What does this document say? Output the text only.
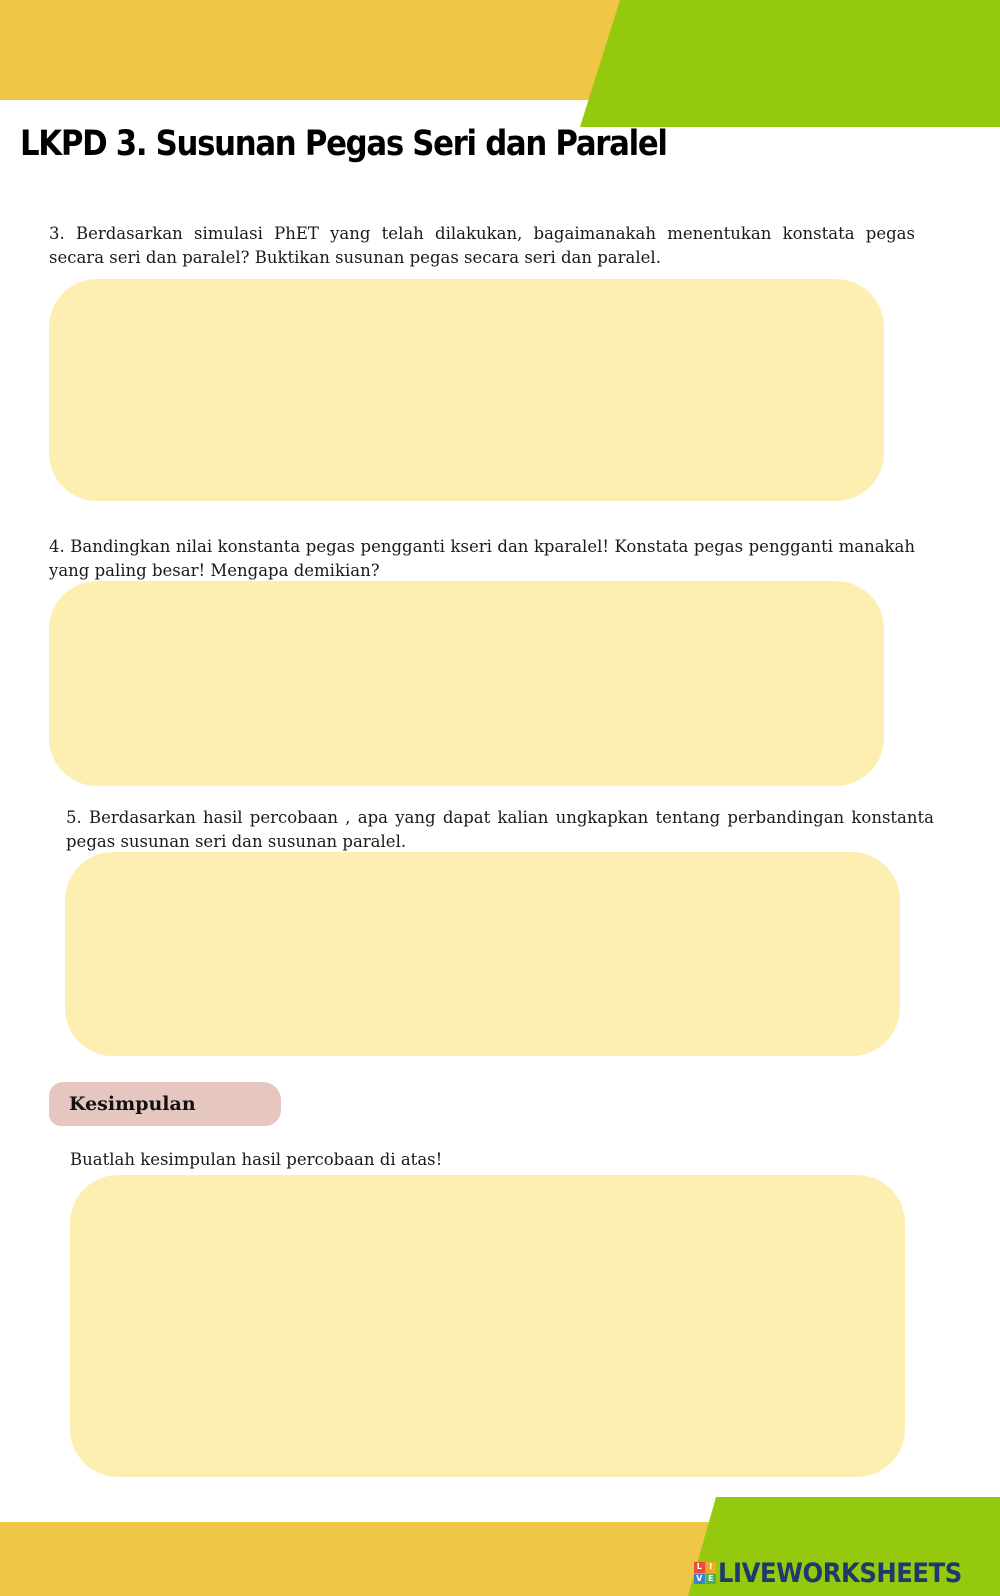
LKPD 3. Susunan Pegas Seri dan Paralel

3. Berdasarkan simulasi PhET yang telah dilakukan, bagaimanakah menentukan konstata pegas secara seri dan paralel? Buktikan susunan pegas secara seri dan paralel.

4. Bandingkan nilai konstanta pegas pengganti kseri dan kparalel! Konstata pegas pengganti manakah yang paling besar! Mengapa demikian?

5. Berdasarkan hasil percobaan , apa yang dapat kalian ungkapkan tentang perbandingan konstanta pegas susunan seri dan susunan paralel.

Kesimpulan

Buatlah kesimpulan hasil percobaan di atas!

L I
V E LIVEWORKSHEETS
